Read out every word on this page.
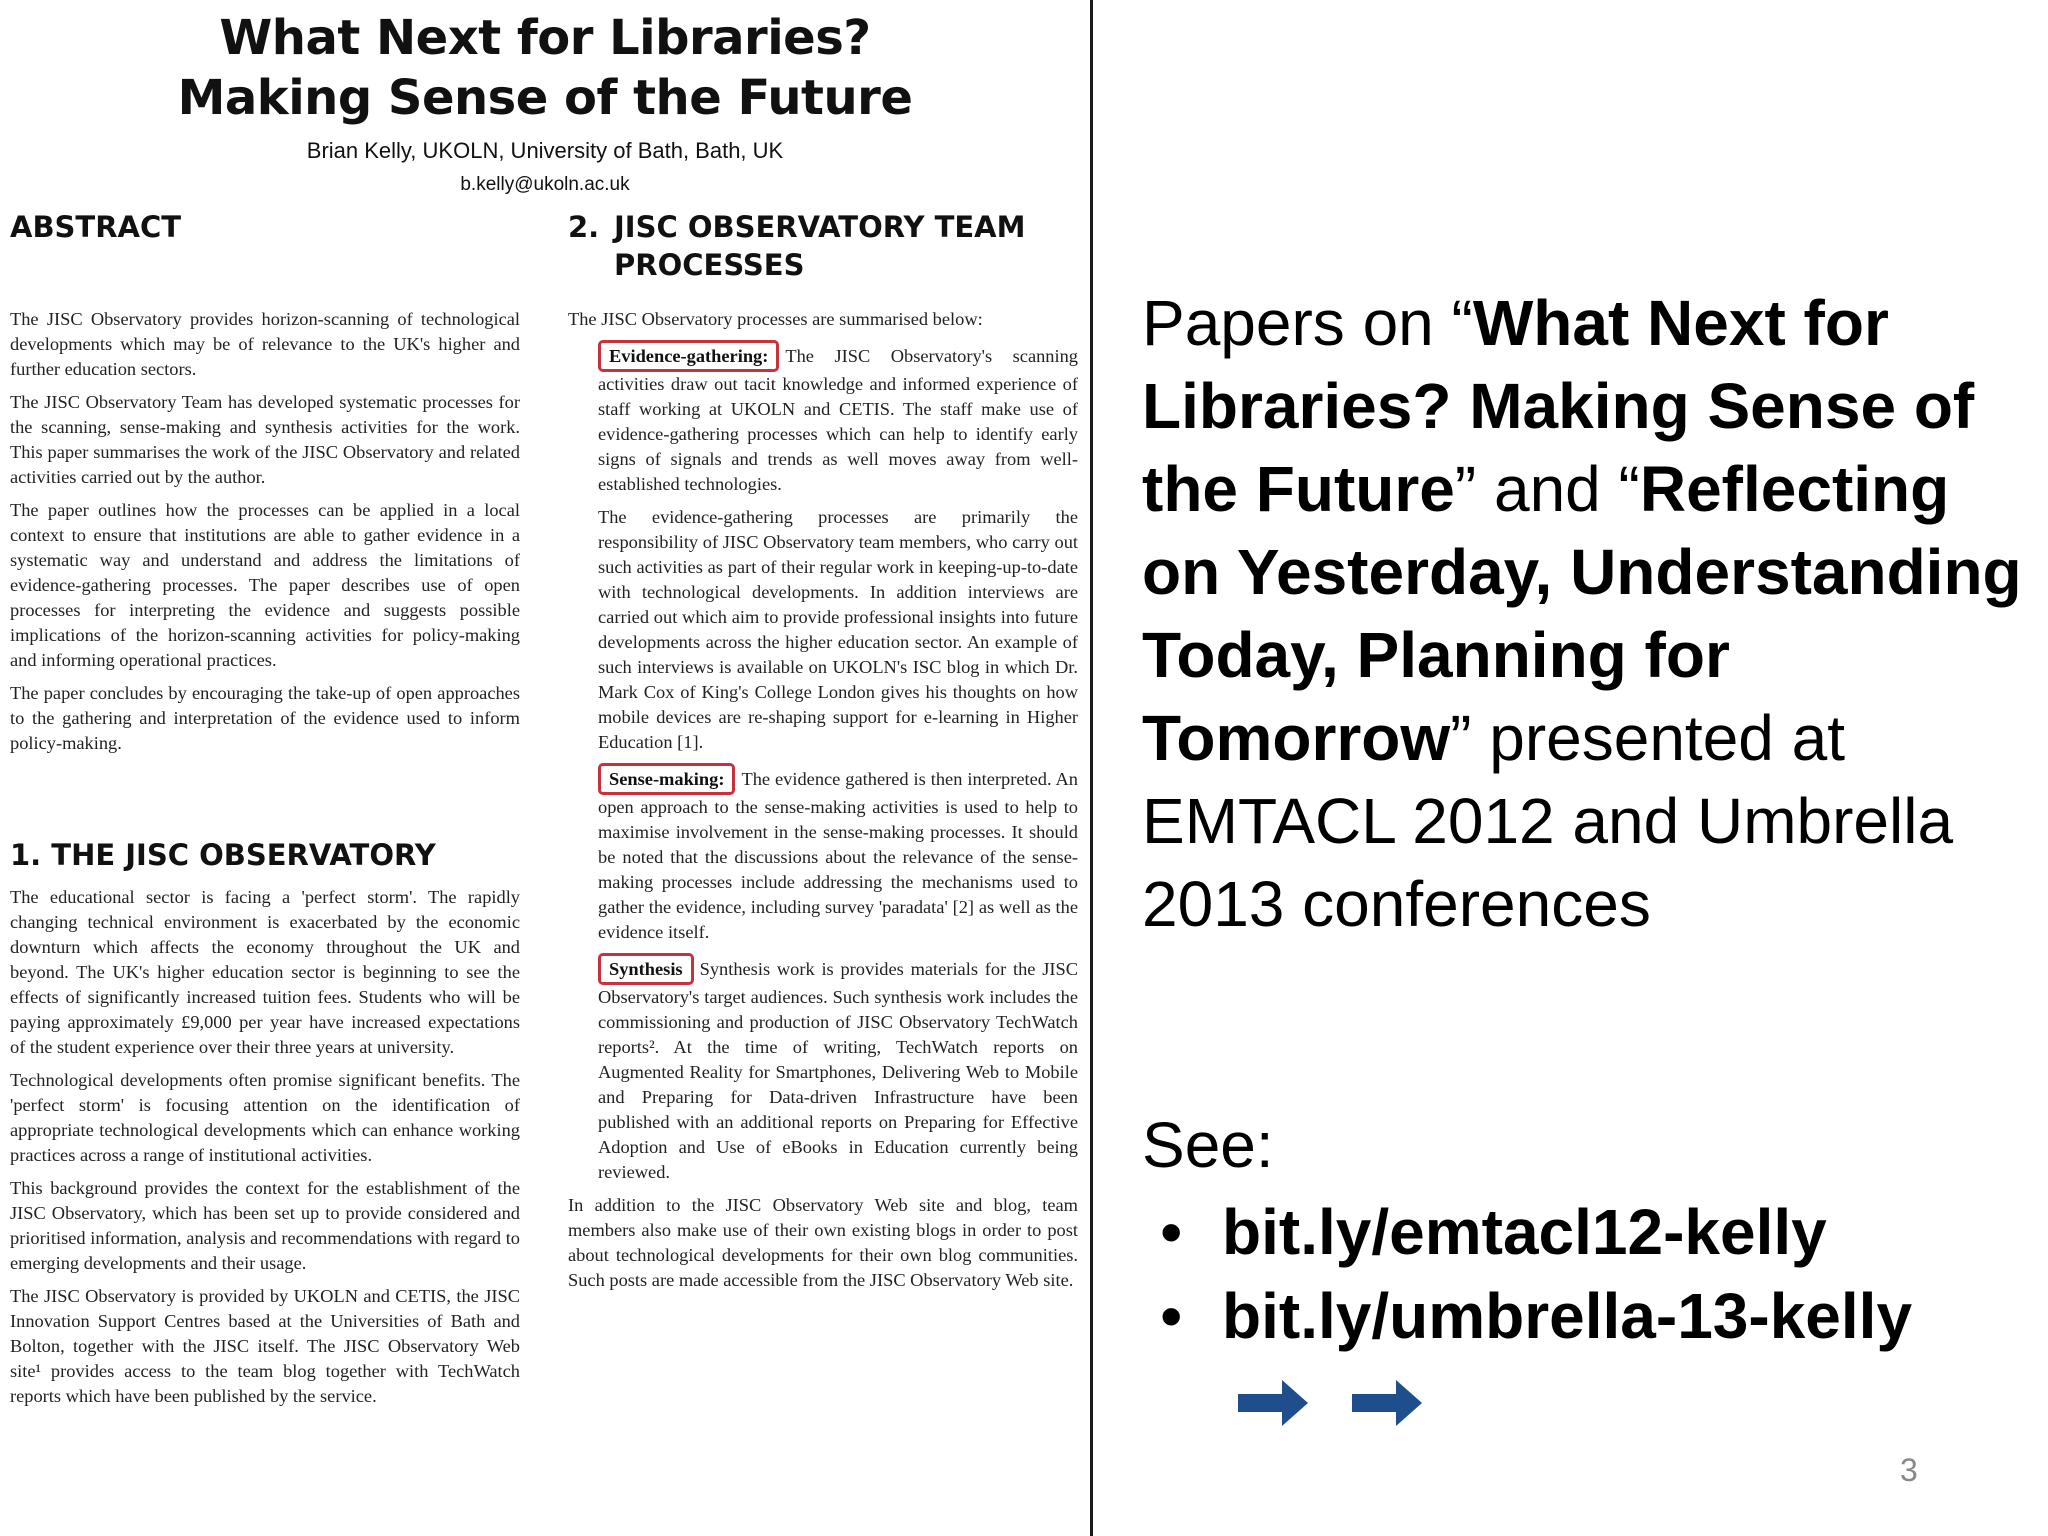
What Next for Libraries?
Making Sense of the Future
Brian Kelly, UKOLN, University of Bath, Bath, UK
b.kelly@ukoln.ac.uk
ABSTRACT

The JISC Observatory provides horizon-scanning of technological developments which may be of relevance to the UK's higher and further education sectors.

The JISC Observatory Team has developed systematic processes for the scanning, sense-making and synthesis activities for the work. This paper summarises the work of the JISC Observatory and related activities carried out by the author.

The paper outlines how the processes can be applied in a local context to ensure that institutions are able to gather evidence in a systematic way and understand and address the limitations of evidence-gathering processes. The paper describes use of open processes for interpreting the evidence and suggests possible implications of the horizon-scanning activities for policy-making and informing operational practices.

The paper concludes by encouraging the take-up of open approaches to the gathering and interpretation of the evidence used to inform policy-making.

1. THE JISC OBSERVATORY

The educational sector is facing a 'perfect storm'. The rapidly changing technical environment is exacerbated by the economic downturn which affects the economy throughout the UK and beyond. The UK's higher education sector is beginning to see the effects of significantly increased tuition fees. Students who will be paying approximately £9,000 per year have increased expectations of the student experience over their three years at university.

Technological developments often promise significant benefits. The 'perfect storm' is focusing attention on the identification of appropriate technological developments which can enhance working practices across a range of institutional activities.

This background provides the context for the establishment of the JISC Observatory, which has been set up to provide considered and prioritised information, analysis and recommendations with regard to emerging developments and their usage.

The JISC Observatory is provided by UKOLN and CETIS, the JISC Innovation Support Centres based at the Universities of Bath and Bolton, together with the JISC itself. The JISC Observatory Web site¹ provides access to the team blog together with TechWatch reports which have been published by the service.

2. JISC OBSERVATORY TEAM
PROCESSES

The JISC Observatory processes are summarised below:

Evidence-gathering: The JISC Observatory's scanning activities draw out tacit knowledge and informed experience of staff working at UKOLN and CETIS. The staff make use of evidence-gathering processes which can help to identify early signs of signals and trends as well moves away from well-established technologies.

The evidence-gathering processes are primarily the responsibility of JISC Observatory team members, who carry out such activities as part of their regular work in keeping-up-to-date with technological developments. In addition interviews are carried out which aim to provide professional insights into future developments across the higher education sector. An example of such interviews is available on UKOLN's ISC blog in which Dr. Mark Cox of King's College London gives his thoughts on how mobile devices are re-shaping support for e-learning in Higher Education [1].

Sense-making: The evidence gathered is then interpreted. An open approach to the sense-making activities is used to help to maximise involvement in the sense-making processes. It should be noted that the discussions about the relevance of the sense-making processes include addressing the mechanisms used to gather the evidence, including survey 'paradata' [2] as well as the evidence itself.

Synthesis Synthesis work is provides materials for the JISC Observatory's target audiences. Such synthesis work includes the commissioning and production of JISC Observatory TechWatch reports². At the time of writing, TechWatch reports on Augmented Reality for Smartphones, Delivering Web to Mobile and Preparing for Data-driven Infrastructure have been published with an additional reports on Preparing for Effective Adoption and Use of eBooks in Education currently being reviewed.

In addition to the JISC Observatory Web site and blog, team members also make use of their own existing blogs in order to post about technological developments for their own blog communities. Such posts are made accessible from the JISC Observatory Web site.

Papers on “What Next for Libraries? Making Sense of the Future” and “Reflecting on Yesterday, Understanding Today, Planning for Tomorrow” presented at EMTACL 2012 and Umbrella 2013 conferences
See:
• bit.ly/emtacl12-kelly
• bit.ly/umbrella-13-kelly
3
